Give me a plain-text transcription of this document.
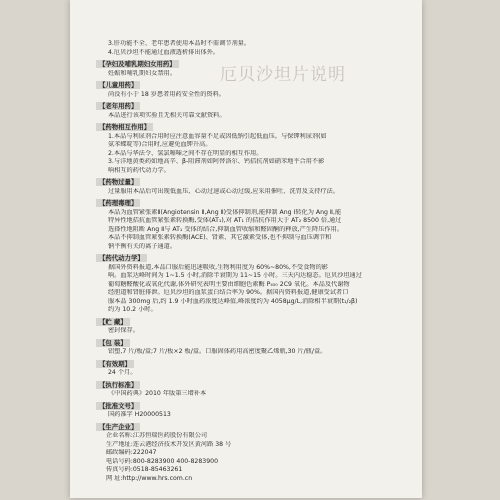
厄贝沙坦片说明

3.肝功能不全、老年患者使用本品时不需调节剂量。

4.厄贝沙坦不能通过血液透析排出体外。

【孕妇及哺乳期妇女用药】

妊娠和哺乳期妇女禁用。

【儿童用药】

尚没有小于 18 岁患者用药安全性的资料。

【老年用药】

本品进行该项实验且无相关可靠文献资料。

【药物相互作用】

1.本品与利尿剂合用时应注意血容量不足或因低钠引起低血压。与保钾利尿剂(如

氨苯蝶啶等)合用时,应避免血钾升高。

2.本品与华法令、氢氯噻嗪之间不存在明显的相互作用。

3.与洋地黄类药如地高辛、β-阻滞剂如阿替洛尔、钙拮抗剂如硝苯地平合用不影

响相互的药代动力学。

【药物过量】

过量服用本品后可出现低血压、心动过速或心动过缓,应采用催吐、洗胃及支持疗法。

【药理毒理】

本品为血管紧张素Ⅱ(Angiotensin Ⅱ,Ang Ⅱ)受体抑制剂,能抑制 Ang Ⅰ转化为 Ang Ⅱ,能

特异性地拮抗血管紧张素转换酶,受体(AT₁),对 AT₁ 的拮抗作用大于 AT₂ 8500 倍,通过

选择性地阻断 Ang Ⅱ与 AT₁ 受体的结合,抑制血管收缩和醛固酮的释放,产生降压作用。

本品不抑制血管紧张素转换酶(ACE)、肾素、其它激素受体,也不抑制与血压调节和

钠平衡有关的离子通道。

【药代动力学】

据国外资料报道,本品口服后能迅速吸收,生物利用度为 60%~80%,不受食物的影

响。血浆达峰时间为 1~1.5 小时,消除半衰期为 11~15 小时。三天内达稳态。厄贝沙坦通过

葡萄糖醛酸化或氧化代谢,体外研究表明主要由细胞色素酶 P₄₅₀ 2C9 氧化。本品及代谢物

经胆道和肾脏排泄。厄贝沙坦的血浆蛋白结合率为 90%。据国内资料报道,健康受试者口

服本品 300mg 后,约 1.9 小时血药浓度达峰值,峰浓度约为 4058µg/L,消除相半衰期(t₁/₂β)

约为 10.2 小时。

【贮 藏】

密封保存。

【包 装】

铝塑,7 片/板/盒;7 片/板×2 板/盒。口服固体药用高密度聚乙烯瓶,30 片/瓶/盒。

【有效期】

24 个月。

【执行标准】

《中国药典》2010 年版第三增补本

【批准文号】

国药准字 H20000513

【生产企业】

企业名称:江苏恒瑞医药股份有限公司

生产地址:连云港经济技术开发区黄河路 38 号

邮政编码:222047

电话号码:800-8283900 400-8283900

传真号码:0518-85463261

网 址:http://www.hrs.com.cn
